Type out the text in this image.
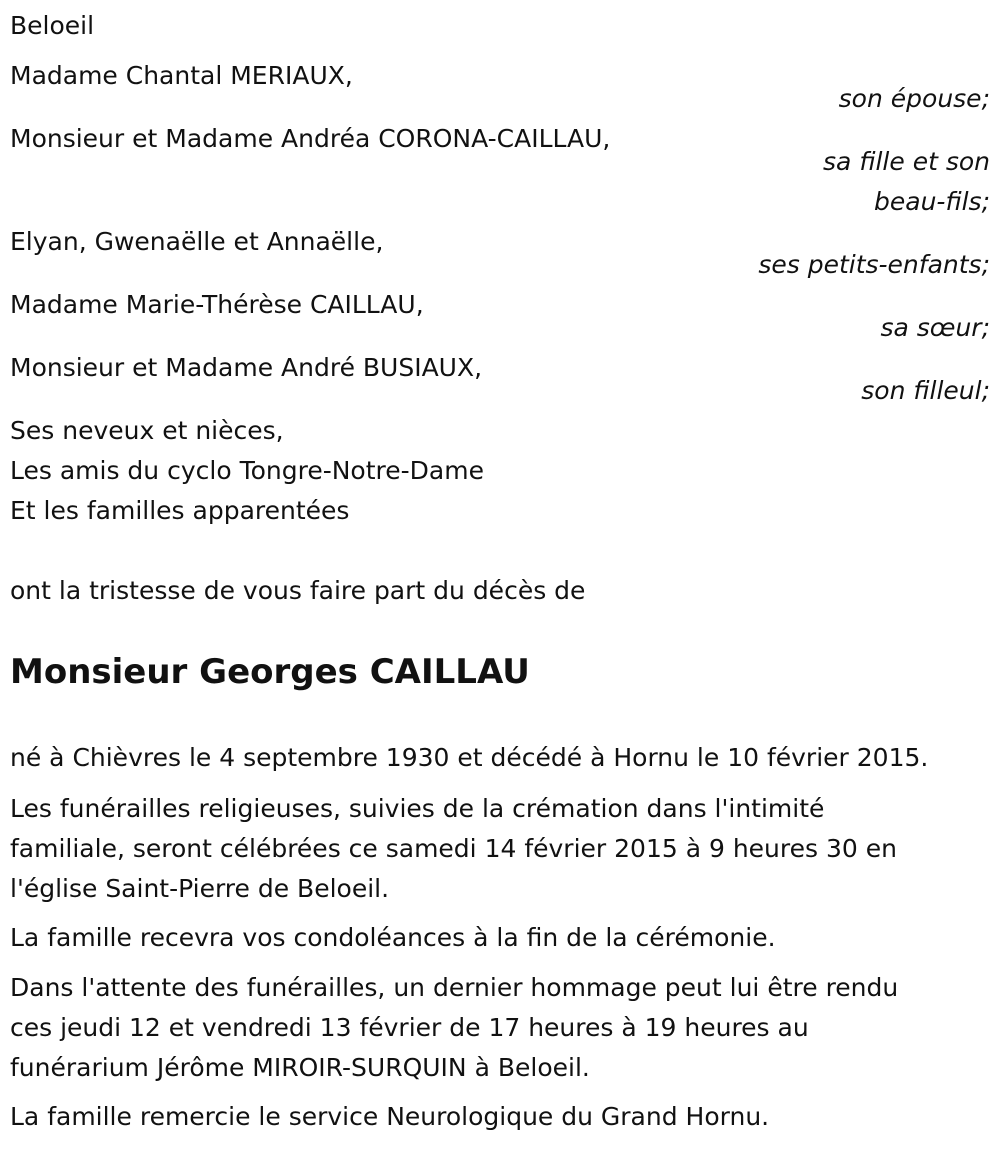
Beloeil
Madame Chantal MERIAUX,
son épouse;
Monsieur et Madame Andréa CORONA-CAILLAU,
sa fille et son
beau-fils;
Elyan, Gwenaëlle et Annaëlle,
ses petits-enfants;
Madame Marie-Thérèse CAILLAU,
sa sœur;
Monsieur et Madame André BUSIAUX,
son filleul;
Ses neveux et nièces,
Les amis du cyclo Tongre-Notre-Dame
Et les familles apparentées
ont la tristesse de vous faire part du décès de
Monsieur Georges CAILLAU
né à Chièvres le 4 septembre 1930 et décédé à Hornu le 10 février 2015.
Les funérailles religieuses, suivies de la crémation dans l'intimité
familiale, seront célébrées ce samedi 14 février 2015 à 9 heures 30 en
l'église Saint-Pierre de Beloeil.
La famille recevra vos condoléances à la fin de la cérémonie.
Dans l'attente des funérailles, un dernier hommage peut lui être rendu
ces jeudi 12 et vendredi 13 février de 17 heures à 19 heures au
funérarium Jérôme MIROIR-SURQUIN à Beloeil.
La famille remercie le service Neurologique du Grand Hornu.
